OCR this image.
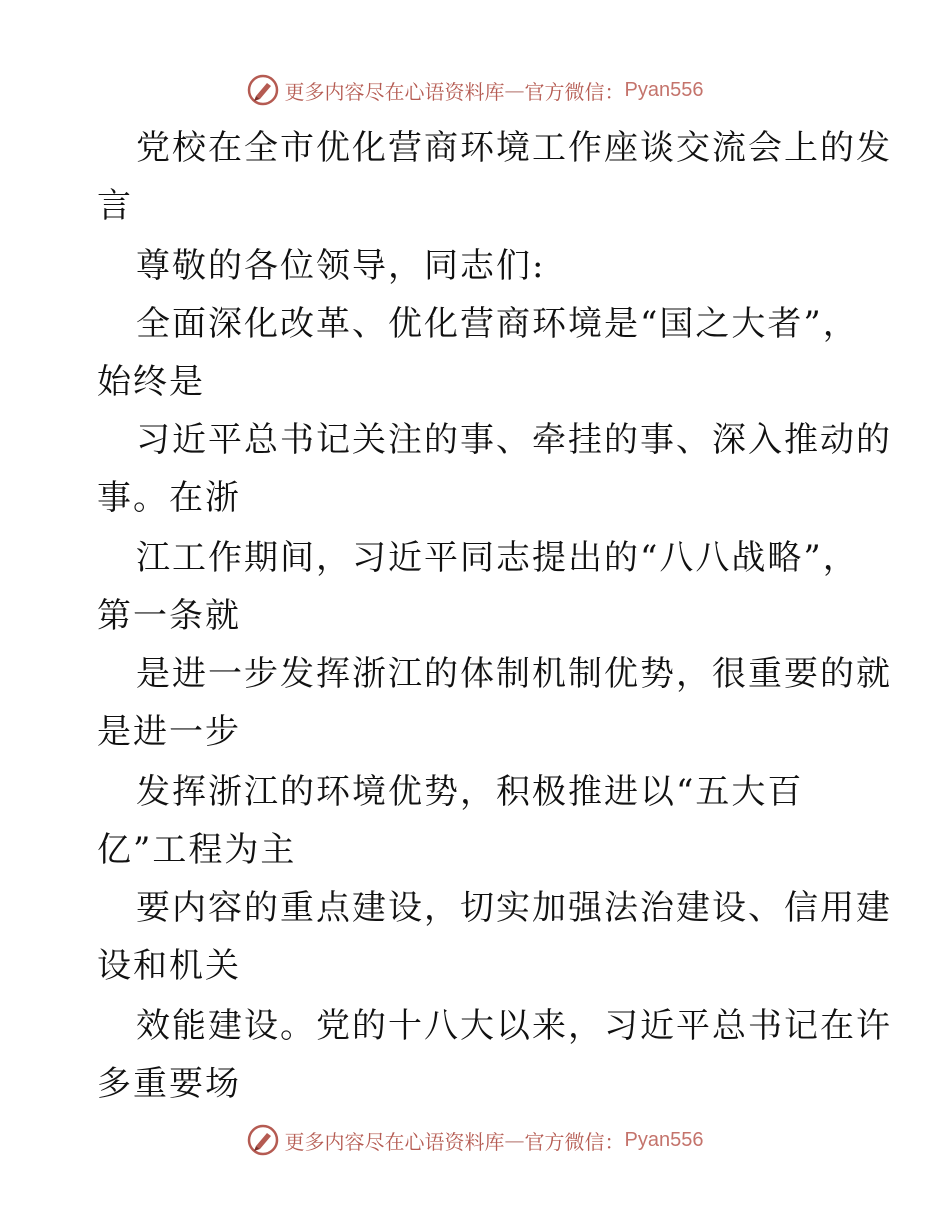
更多内容尽在心语资料库 — 官方微信： Pyan556
党校在全市优化营商环境工作座谈交流会上的发
言
尊敬的各位领导，同志们:
全面深化改革、优化营商环境是“国之大者”，
始终是
习近平总书记关注的事、牵挂的事、深入推动的
事。在浙
江工作期间，习近平同志提出的“八八战略”，
第一条就
是进一步发挥浙江的体制机制优势，很重要的就
是进一步
发挥浙江的环境优势，积极推进以“五大百
亿”工程为主
要内容的重点建设，切实加强法治建设、信用建
设和机关
效能建设。党的十八大以来，习近平总书记在许
多重要场
更多内容尽在心语资料库 — 官方微信： Pyan556
